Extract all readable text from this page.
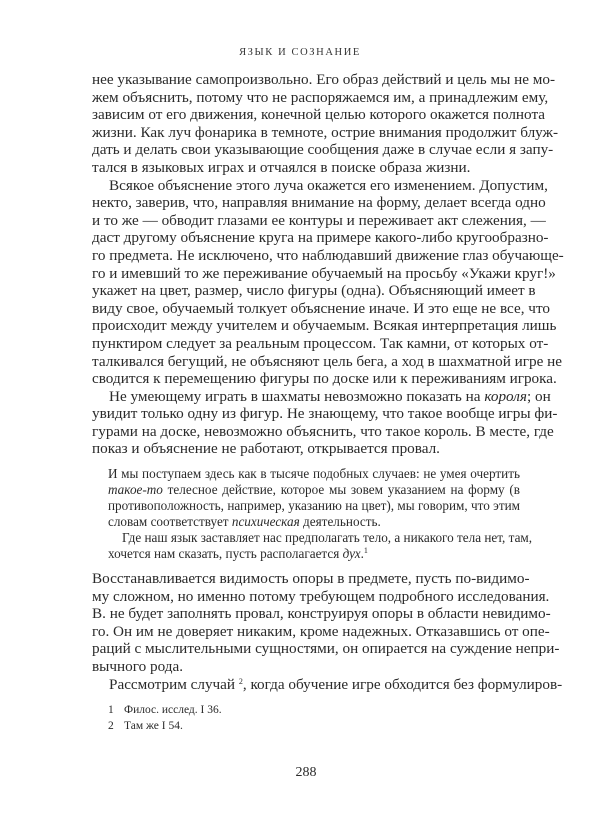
ЯЗЫК И СОЗНАНИЕ
нее указывание самопроизвольно. Его образ действий и цель мы не мо-
жем объяснить, потому что не распоряжаемся им, а принадлежим ему,
зависим от его движения, конечной целью которого окажется полнота
жизни. Как луч фонарика в темноте, острие внимания продолжит блуж-
дать и делать свои указывающие сообщения даже в случае если я запу-
тался в языковых играх и отчаялся в поиске образа жизни.
Всякое объяснение этого луча окажется его изменением. Допустим,
некто, заверив, что, направляя внимание на форму, делает всегда одно
и то же — обводит глазами ее контуры и переживает акт слежения, —
даст другому объяснение круга на примере какого-либо кругообразно-
го предмета. Не исключено, что наблюдавший движение глаз обучающе-
го и имевший то же переживание обучаемый на просьбу «Укажи круг!»
укажет на цвет, размер, число фигуры (одна). Объясняющий имеет в
виду свое, обучаемый толкует объяснение иначе. И это еще не все, что
происходит между учителем и обучаемым. Всякая интерпретация лишь
пунктиром следует за реальным процессом. Так камни, от которых от-
талкивался бегущий, не объясняют цель бега, а ход в шахматной игре не
сводится к перемещению фигуры по доске или к переживаниям игрока.
Не умеющему играть в шахматы невозможно показать на короля; он
увидит только одну из фигур. Не знающему, что такое вообще игры фи-
гурами на доске, невозможно объяснить, что такое король. В месте, где
показ и объяснение не работают, открывается провал.
И мы поступаем здесь как в тысяче подобных случаев: не умея очертить
такое-то телесное действие, которое мы зовем указанием на форму (в
противоположность, например, указанию на цвет), мы говорим, что этим
словам соответствует психическая деятельность.
Где наш язык заставляет нас предполагать тело, а никакого тела нет, там,
хочется нам сказать, пусть располагается дух.$^1$
Восстанавливается видимость опоры в предмете, пусть по-видимо-
му сложном, но именно потому требующем подробного исследования.
В. не будет заполнять провал, конструируя опоры в области невидимо-
го. Он им не доверяет никаким, кроме надежных. Отказавшись от опе-
раций с мыслительными сущностями, он опирается на суждение непри-
вычного рода.
Рассмотрим случай $^2$, когда обучение игре обходится без формулиров-
1 Филос. исслед. I 36.
2 Там же I 54.
288
